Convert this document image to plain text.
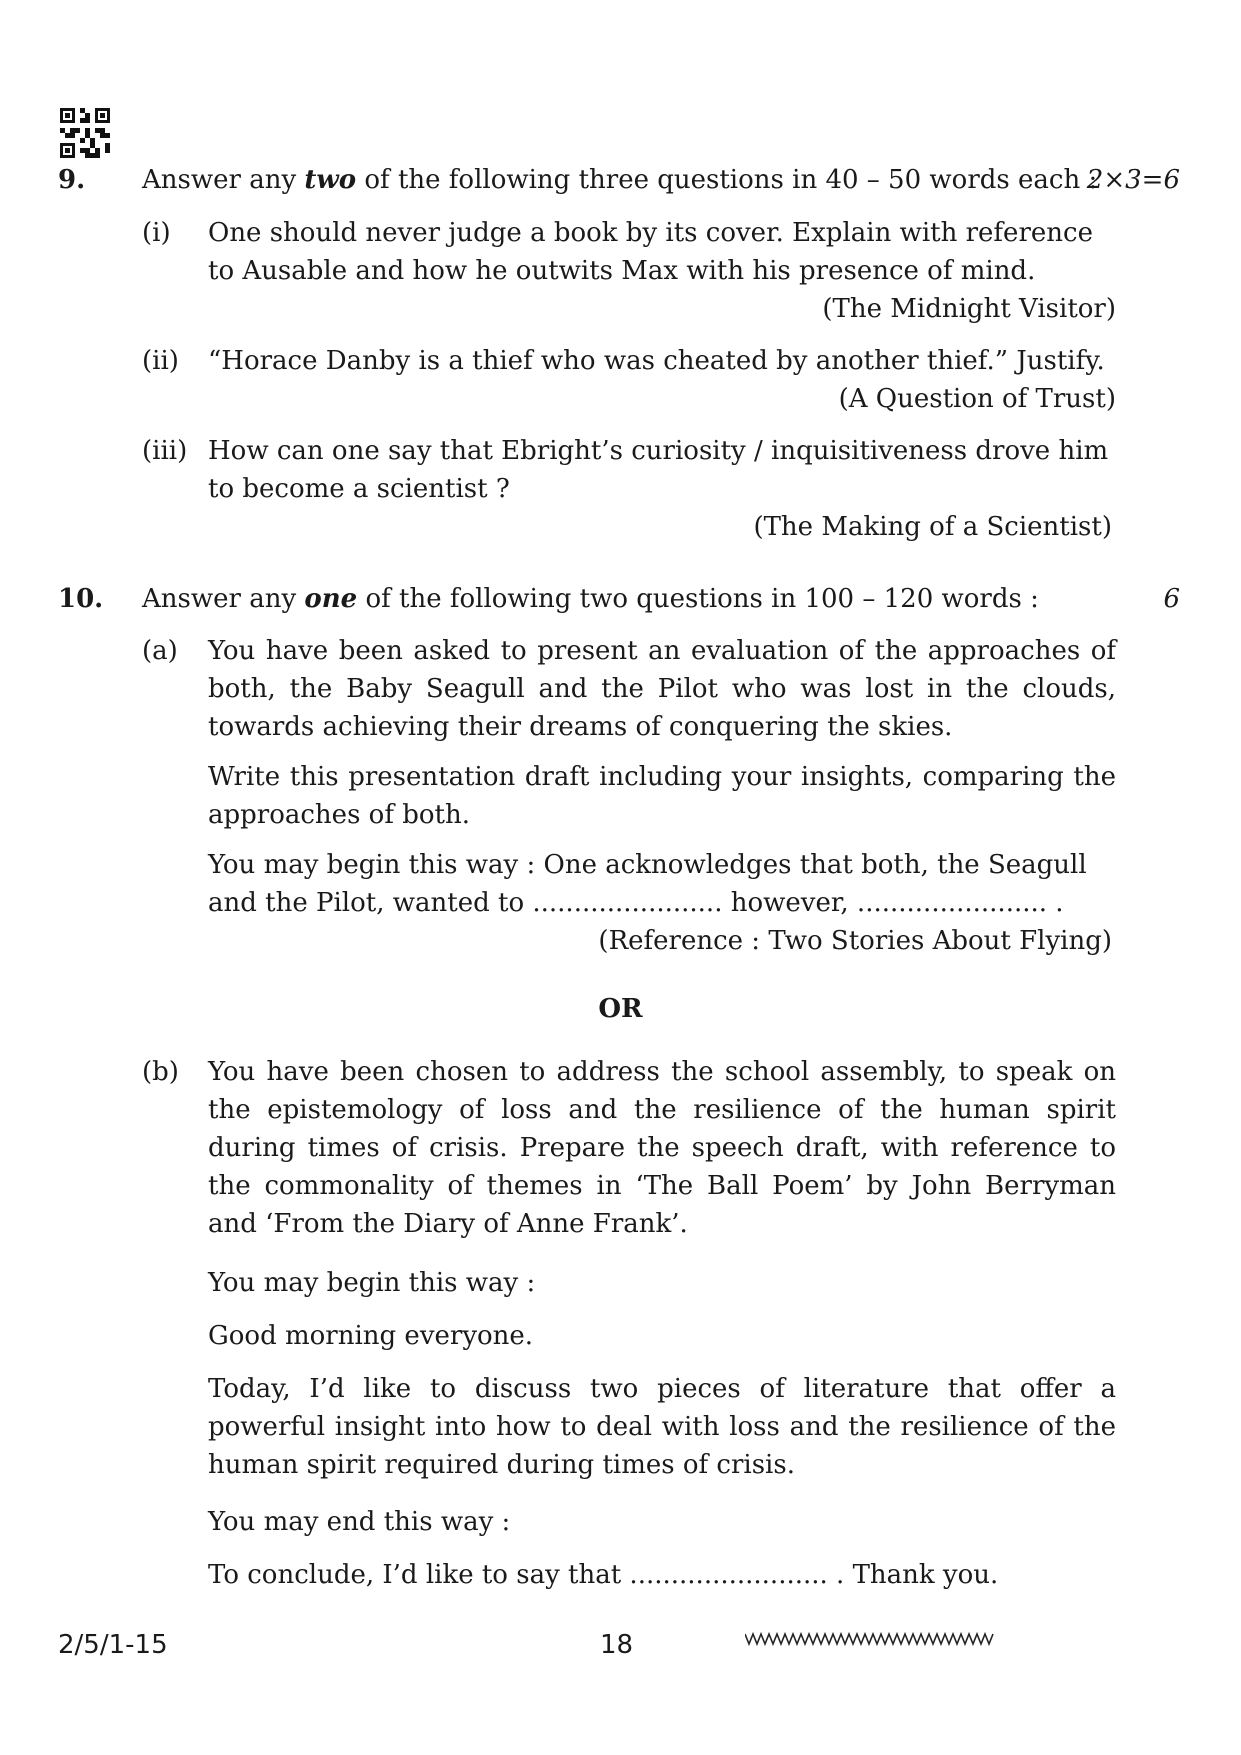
9. Answer any two of the following three questions in 40 – 50 words each :
2×3=6
(i) One should never judge a book by its cover. Explain with reference
to Ausable and how he outwits Max with his presence of mind.
(The Midnight Visitor)
(ii) “Horace Danby is a thief who was cheated by another thief.” Justify.
(A Question of Trust)
(iii) How can one say that Ebright’s curiosity / inquisitiveness drove him
to become a scientist ?
(The Making of a Scientist)
10. Answer any one of the following two questions in 100 – 120 words :	6
(a) You have been asked to present an evaluation of the approaches of both, the Baby Seagull and the Pilot who was lost in the clouds, towards achieving their dreams of conquering the skies.
Write this presentation draft including your insights, comparing the approaches of both.
You may begin this way : One acknowledges that both, the Seagull
and the Pilot, wanted to ....................... however, ....................... .
(Reference : Two Stories About Flying)
OR
(b) You have been chosen to address the school assembly, to speak on the epistemology of loss and the resilience of the human spirit during times of crisis. Prepare the speech draft, with reference to the commonality of themes in ‘The Ball Poem’ by John Berryman and ‘From the Diary of Anne Frank’.
You may begin this way :
Good morning everyone.
Today, I’d like to discuss two pieces of literature that offer a powerful insight into how to deal with loss and the resilience of the human spirit required during times of crisis.
You may end this way :
To conclude, I’d like to say that ........................ . Thank you.
2/5/1-15	18
